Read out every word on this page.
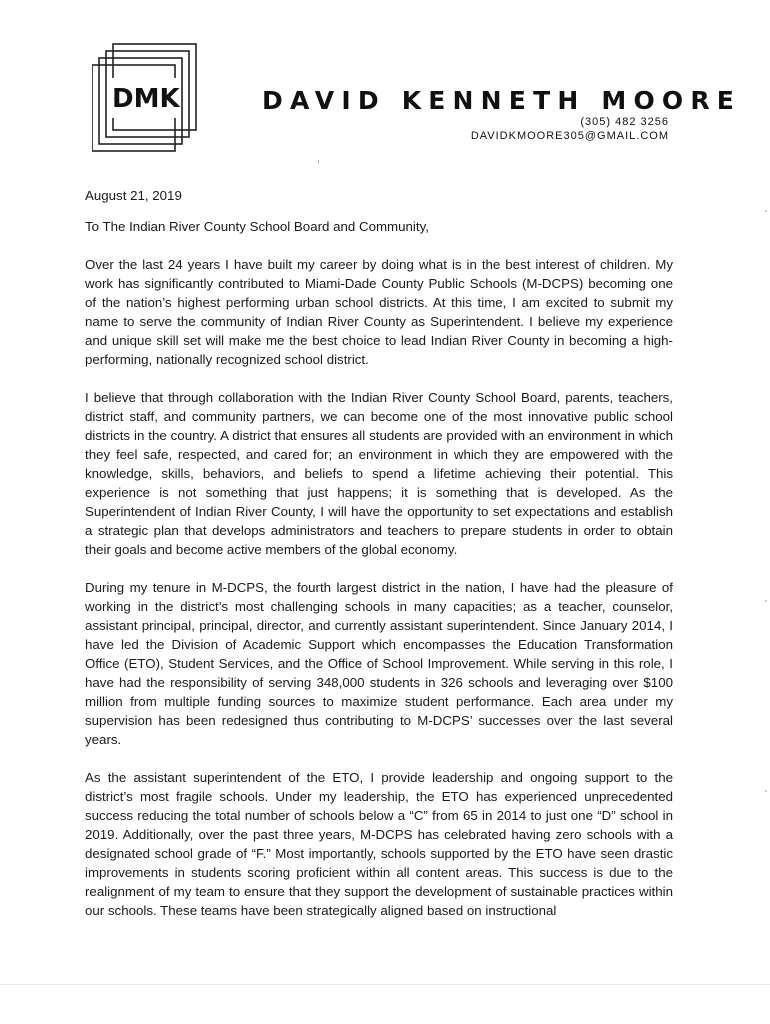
DMK	DAVID KENNETH MOORE
(305) 482 3256
DAVIDKMOORE305@GMAIL.COM

August 21, 2019

To The Indian River County School Board and Community,

Over the last 24 years I have built my career by doing what is in the best interest of children. My work has significantly contributed to Miami-Dade County Public Schools (M-DCPS) becoming one of the nation’s highest performing urban school districts. At this time, I am excited to submit my name to serve the community of Indian River County as Superintendent. I believe my experience and unique skill set will make me the best choice to lead Indian River County in becoming a high-performing, nationally recognized school district.

I believe that through collaboration with the Indian River County School Board, parents, teachers, district staff, and community partners, we can become one of the most innovative public school districts in the country. A district that ensures all students are provided with an environment in which they feel safe, respected, and cared for; an environment in which they are empowered with the knowledge, skills, behaviors, and beliefs to spend a lifetime achieving their potential. This experience is not something that just happens; it is something that is developed. As the Superintendent of Indian River County, I will have the opportunity to set expectations and establish a strategic plan that develops administrators and teachers to prepare students in order to obtain their goals and become active members of the global economy.

During my tenure in M-DCPS, the fourth largest district in the nation, I have had the pleasure of working in the district’s most challenging schools in many capacities; as a teacher, counselor, assistant principal, principal, director, and currently assistant superintendent. Since January 2014, I have led the Division of Academic Support which encompasses the Education Transformation Office (ETO), Student Services, and the Office of School Improvement. While serving in this role, I have had the responsibility of serving 348,000 students in 326 schools and leveraging over $100 million from multiple funding sources to maximize student performance. Each area under my supervision has been redesigned thus contributing to M-DCPS’ successes over the last several years.

As the assistant superintendent of the ETO, I provide leadership and ongoing support to the district’s most fragile schools. Under my leadership, the ETO has experienced unprecedented success reducing the total number of schools below a “C” from 65 in 2014 to just one “D” school in 2019. Additionally, over the past three years, M-DCPS has celebrated having zero schools with a designated school grade of “F.” Most importantly, schools supported by the ETO have seen drastic improvements in students scoring proficient within all content areas. This success is due to the realignment of my team to ensure that they support the development of sustainable practices within our schools. These teams have been strategically aligned based on instructional
